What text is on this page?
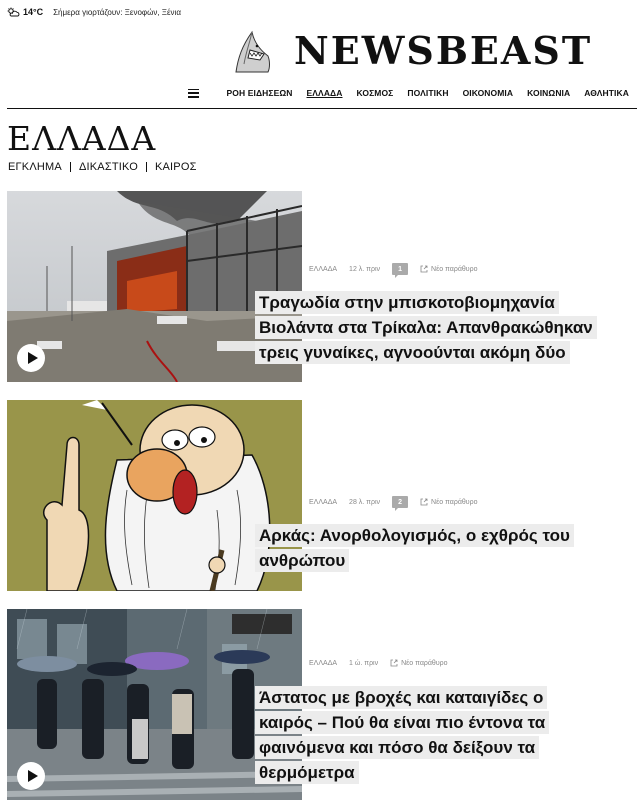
14°C Σήμερα γιορτάζουν: Ξενοφών, Ξένια
NEWSBEAST
ΡΟΗ ΕΙΔΗΣΕΩΝ ΕΛΛΑΔΑ ΚΟΣΜΟΣ ΠΟΛΙΤΙΚΗ ΟΙΚΟΝΟΜΙΑ ΚΟΙΝΩΝΙΑ ΑΘΛΗΤΙΚΑ
ΕΛΛΑΔΑ
ΕΓΚΛΗΜΑ ΔΙΚΑΣΤΙΚΟ ΚΑΙΡΟΣ
ΕΛΛΑΔΑ 12 λ. πριν	1	Νέο παράθυρο
Τραγωδία στην μπισκοτοβιομηχανία Βιολάντα στα Τρίκαλα: Απανθρακώθηκαν τρεις γυναίκες, αγνοούνται ακόμη δύο
ΕΛΛΑΔΑ 28 λ. πριν	2	Νέο παράθυρο
Αρκάς: Ανορθολογισμός, ο εχθρός του ανθρώπου
ΕΛΛΑΔΑ 1 ώ. πριν	Νέο παράθυρο
Άστατος με βροχές και καταιγίδες ο καιρός – Πού θα είναι πιο έντονα τα φαινόμενα και πόσο θα δείξουν τα θερμόμετρα
